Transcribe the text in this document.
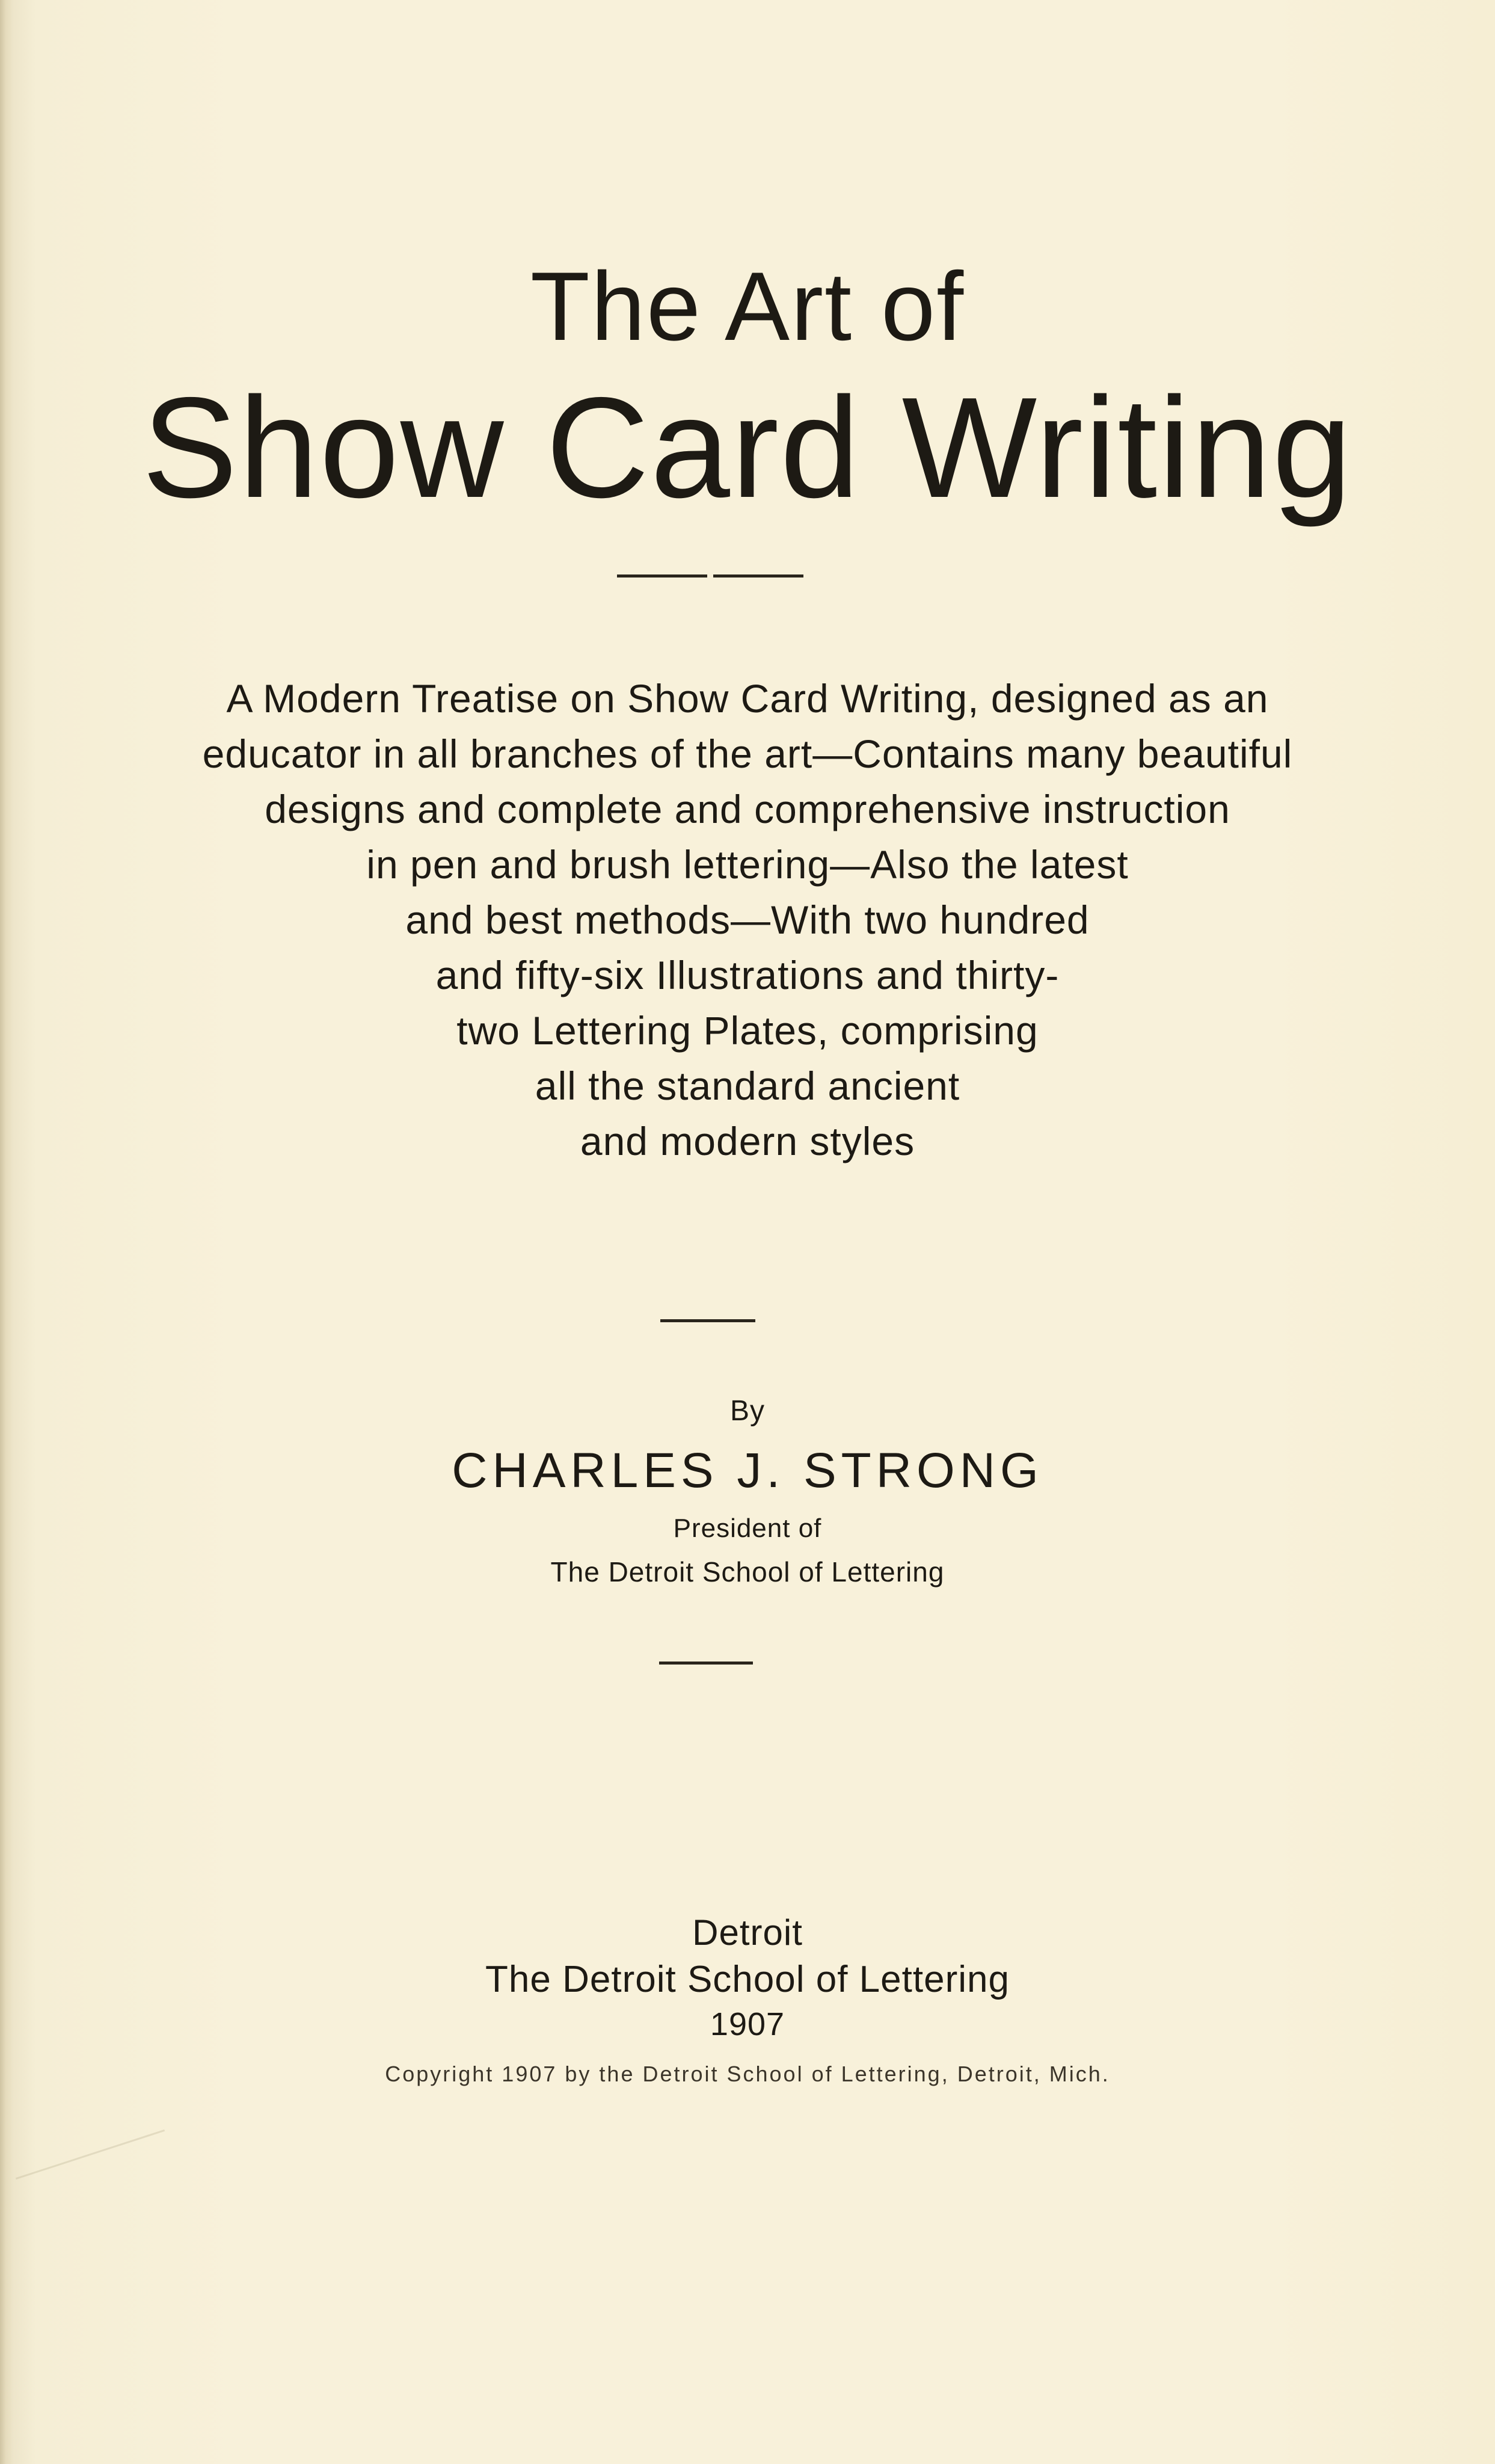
The Art of
Show Card Writing
A Modern Treatise on Show Card Writing, designed as an
educator in all branches of the art—Contains many beautiful
designs and complete and comprehensive instruction
in pen and brush lettering—Also the latest
and best methods—With two hundred
and fifty-six Illustrations and thirty-
two Lettering Plates, comprising
all the standard ancient
and modern styles
By
CHARLES J. STRONG
President of
The Detroit School of Lettering
Detroit
The Detroit School of Lettering
1907
Copyright 1907 by the Detroit School of Lettering, Detroit, Mich.
